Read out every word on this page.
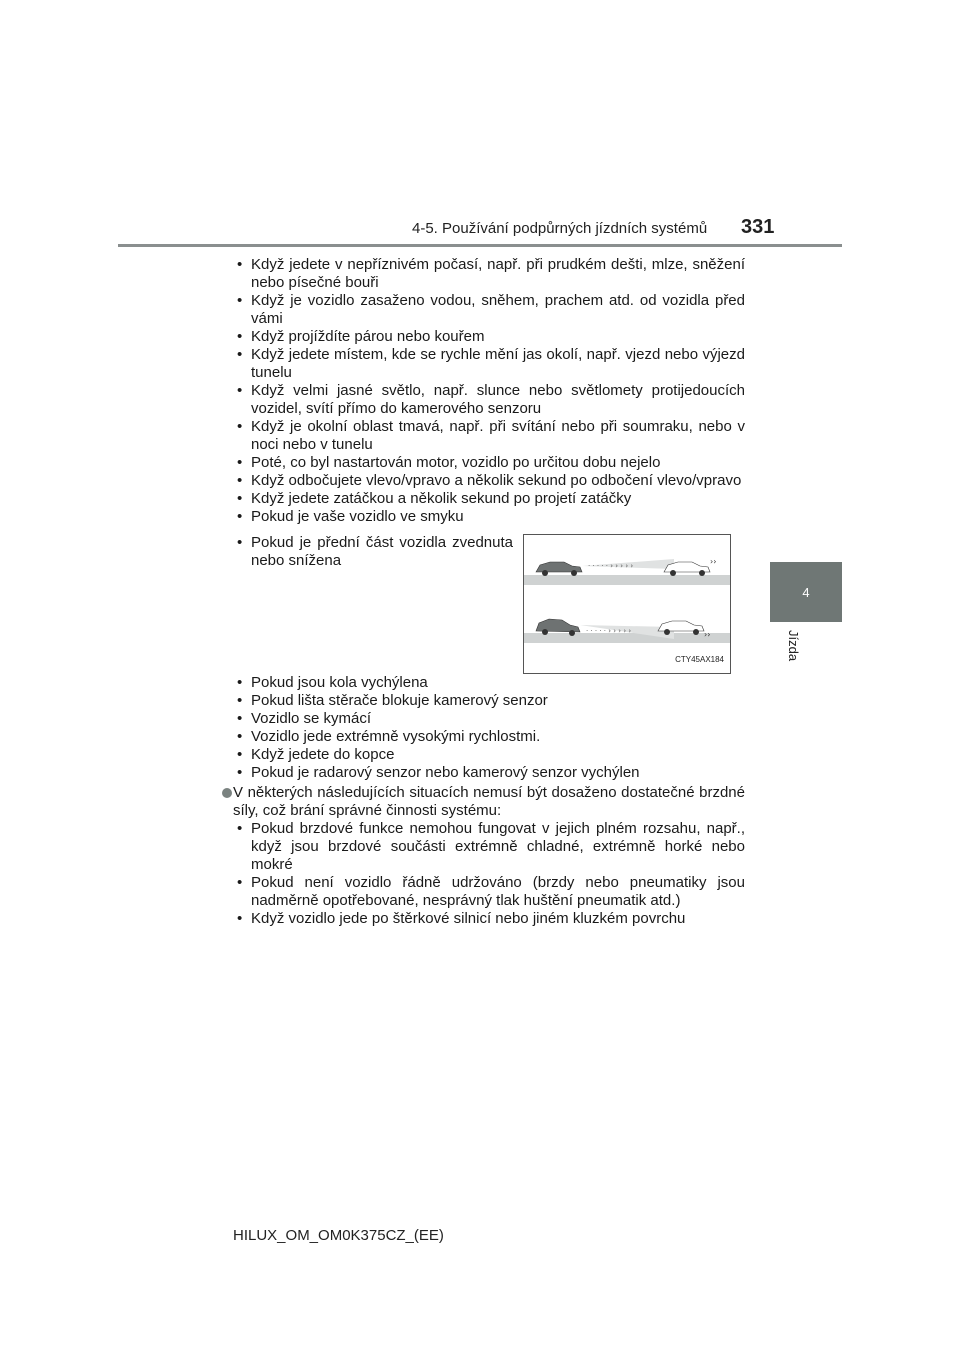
4-5. Používání podpůrných jízdních systémů 331
4
Jízda
• Když jedete v nepříznivém počasí, např. při prudkém dešti, mlze, sněžení nebo písečné bouři
• Když je vozidlo zasaženo vodou, sněhem, prachem atd. od vozidla před vámi
• Když projíždíte párou nebo kouřem
• Když jedete místem, kde se rychle mění jas okolí, např. vjezd nebo výjezd tunelu
• Když velmi jasné světlo, např. slunce nebo světlomety protijedoucích vozidel, svítí přímo do kamerového senzoru
• Když je okolní oblast tmavá, např. při svítání nebo při soumraku, nebo v noci nebo v tunelu
• Poté, co byl nastartován motor, vozidlo po určitou dobu nejelo
• Když odbočujete vlevo/vpravo a několik sekund po odbočení vlevo/vpravo
• Když jedete zatáčkou a několik sekund po projetí zatáčky
• Pokud je vaše vozidlo ve smyku
• Pokud je přední část vozidla zvednuta nebo snížena	· · · · · › › › › ›	››
· · · · · › › › › ›	››
CTY45AX184
• Pokud jsou kola vychýlena
• Pokud lišta stěrače blokuje kamerový senzor
• Vozidlo se kymácí
• Vozidlo jede extrémně vysokými rychlostmi.
• Když jedete do kopce
• Pokud je radarový senzor nebo kamerový senzor vychýlen
V některých následujících situacích nemusí být dosaženo dostatečné brzdné síly, což brání správné činnosti systému:
• Pokud brzdové funkce nemohou fungovat v jejich plném rozsahu, např., když jsou brzdové součásti extrémně chladné, extrémně horké nebo mokré
• Pokud není vozidlo řádně udržováno (brzdy nebo pneumatiky jsou nadměrně opotřebované, nesprávný tlak huštění pneumatik atd.)
• Když vozidlo jede po štěrkové silnicí nebo jiném kluzkém povrchu
HILUX_OM_OM0K375CZ_(EE)
